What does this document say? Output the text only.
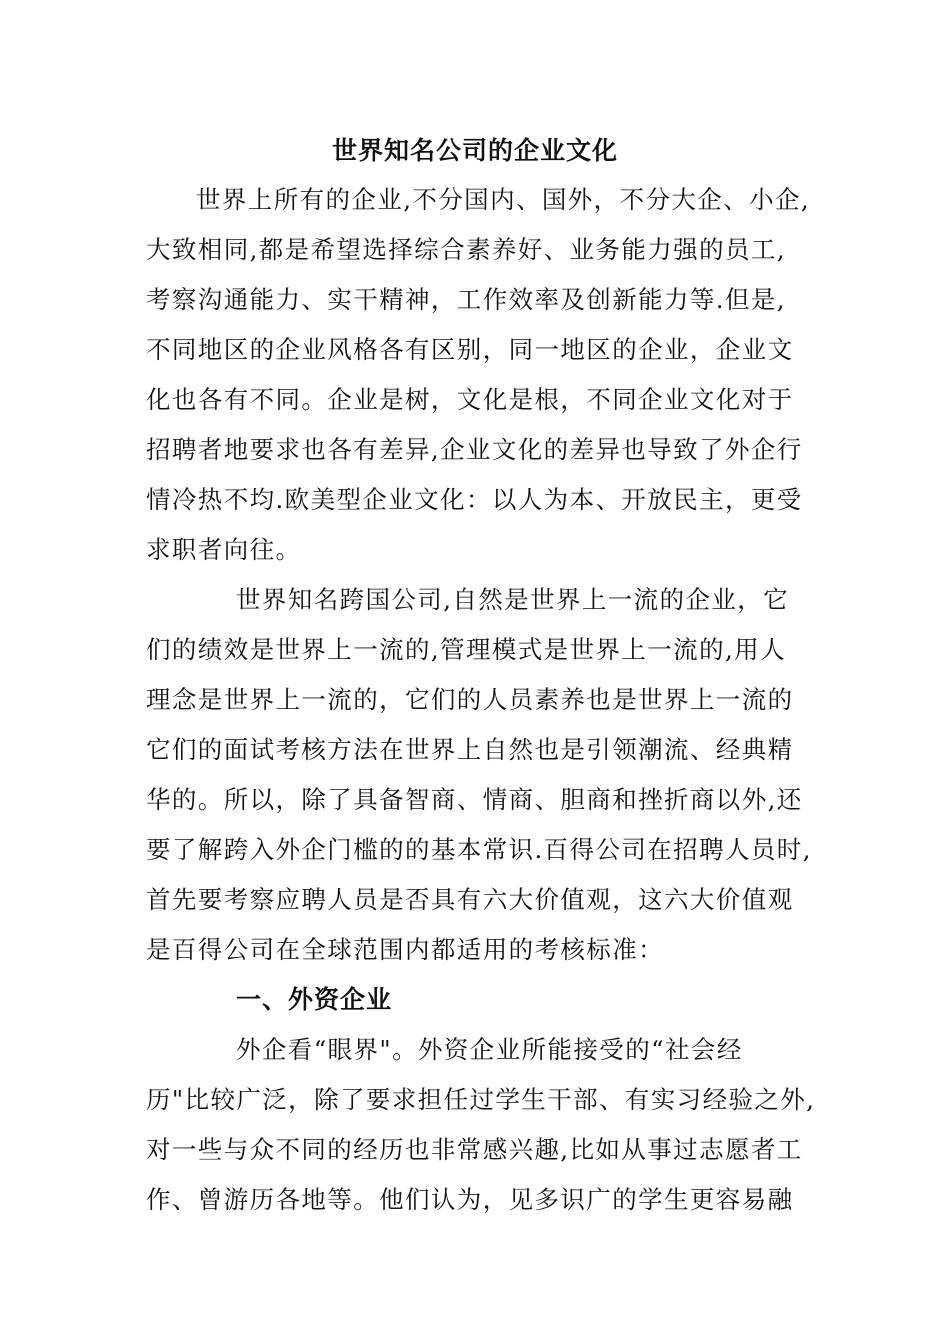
世界知名公司的企业文化
世界上所有的企业,不分国内、国外，不分大企、小企,
大致相同,都是希望选择综合素养好、业务能力强的员工,
考察沟通能力、实干精神，工作效率及创新能力等.但是,
不同地区的企业风格各有区别，同一地区的企业，企业文
化也各有不同。企业是树，文化是根，不同企业文化对于
招聘者地要求也各有差异,企业文化的差异也导致了外企行
情冷热不均.欧美型企业文化：以人为本、开放民主，更受
求职者向往。
世界知名跨国公司,自然是世界上一流的企业，它
们的绩效是世界上一流的,管理模式是世界上一流的,用人
理念是世界上一流的，它们的人员素养也是世界上一流的
它们的面试考核方法在世界上自然也是引领潮流、经典精
华的。所以，除了具备智商、情商、胆商和挫折商以外,还
要了解跨入外企门槛的的基本常识.百得公司在招聘人员时,
首先要考察应聘人员是否具有六大价值观，这六大价值观
是百得公司在全球范围内都适用的考核标准：
一、外资企业
外企看“眼界"。外资企业所能接受的“社会经
历"比较广泛，除了要求担任过学生干部、有实习经验之外,
对一些与众不同的经历也非常感兴趣,比如从事过志愿者工
作、曾游历各地等。他们认为，见多识广的学生更容易融
